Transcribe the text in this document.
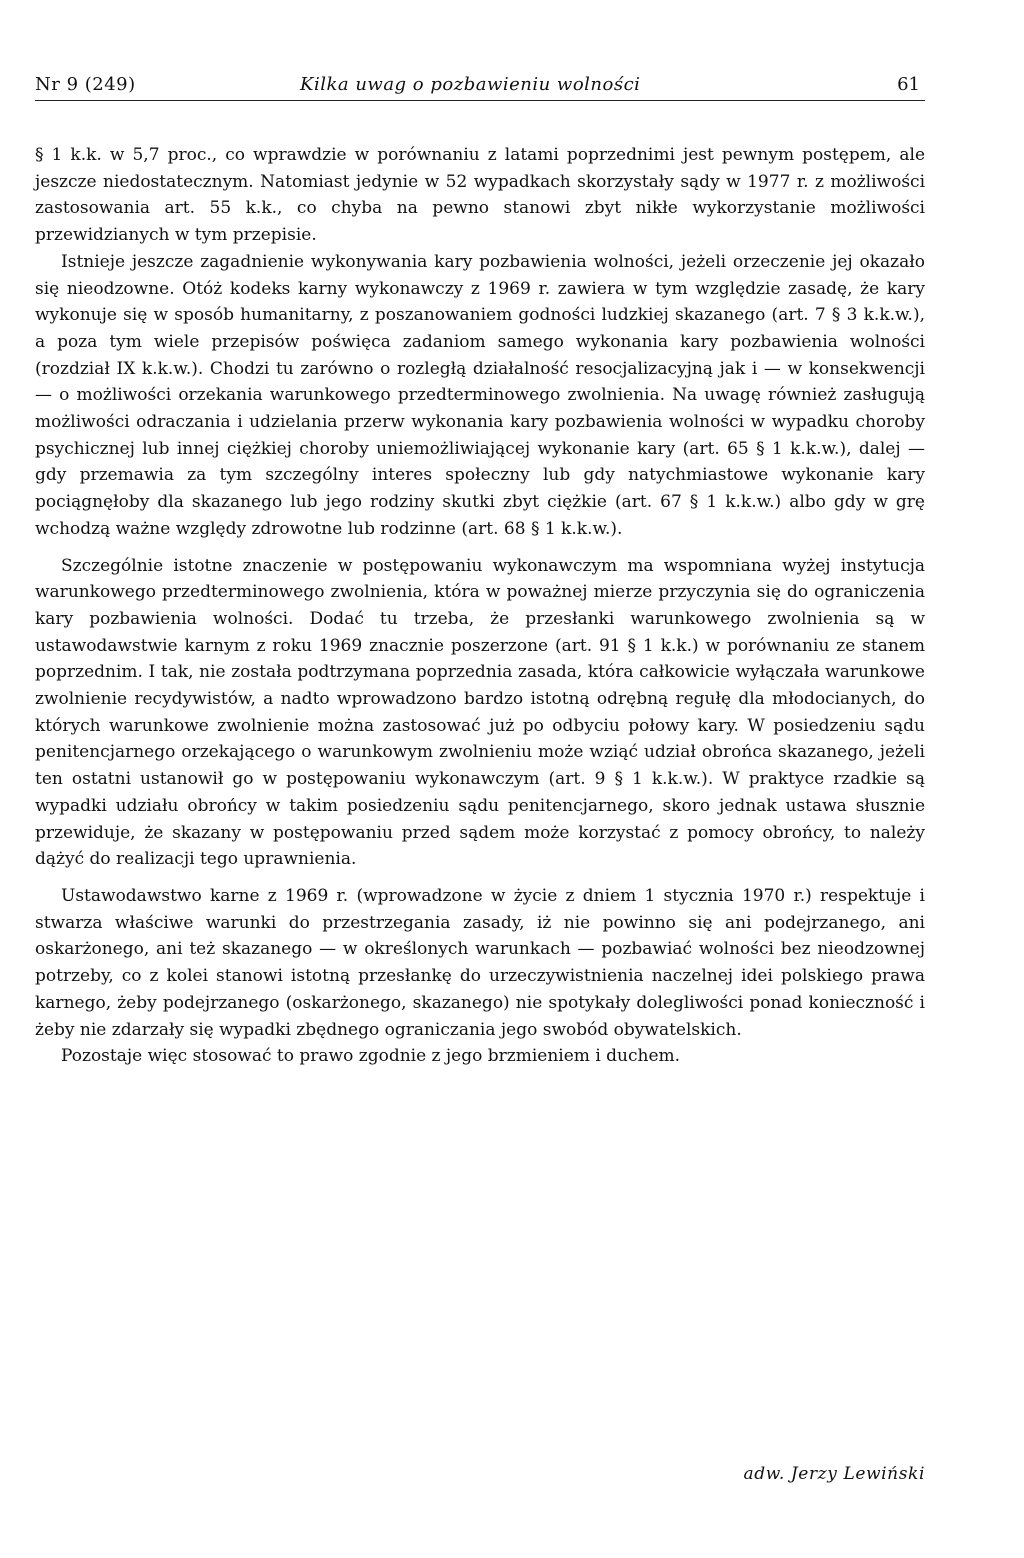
Nr 9 (249)	Kilka uwag o pozbawieniu wolności	61

§ 1 k.k. w 5,7 proc., co wprawdzie w porównaniu z latami poprzednimi jest pewnym postępem, ale jeszcze niedostatecznym. Natomiast jedynie w 52 wypadkach skorzystały sądy w 1977 r. z możliwości zastosowania art. 55 k.k., co chyba na pewno stanowi zbyt nikłe wykorzystanie możliwości przewidzianych w tym przepisie.

Istnieje jeszcze zagadnienie wykonywania kary pozbawienia wolności, jeżeli orzeczenie jej okazało się nieodzowne. Otóż kodeks karny wykonawczy z 1969 r. zawiera w tym względzie zasadę, że kary wykonuje się w sposób humanitarny, z poszanowaniem godności ludzkiej skazanego (art. 7 § 3 k.k.w.), a poza tym wiele przepisów poświęca zadaniom samego wykonania kary pozbawienia wolności (rozdział IX k.k.w.). Chodzi tu zarówno o rozległą działalność resocjalizacyjną jak i — w konsekwencji — o możliwości orzekania warunkowego przedterminowego zwolnienia. Na uwagę również zasługują możliwości odraczania i udzielania przerw wykonania kary pozbawienia wolności w wypadku choroby psychicznej lub innej ciężkiej choroby uniemożliwiającej wykonanie kary (art. 65 § 1 k.k.w.), dalej — gdy przemawia za tym szczególny interes społeczny lub gdy natychmiastowe wykonanie kary pociągnęłoby dla skazanego lub jego rodziny skutki zbyt ciężkie (art. 67 § 1 k.k.w.) albo gdy w grę wchodzą ważne względy zdrowotne lub rodzinne (art. 68 § 1 k.k.w.).

Szczególnie istotne znaczenie w postępowaniu wykonawczym ma wspomniana wyżej instytucja warunkowego przedterminowego zwolnienia, która w poważnej mierze przyczynia się do ograniczenia kary pozbawienia wolności. Dodać tu trzeba, że przesłanki warunkowego zwolnienia są w ustawodawstwie karnym z roku 1969 znacznie poszerzone (art. 91 § 1 k.k.) w porównaniu ze stanem poprzednim. I tak, nie została podtrzymana poprzednia zasada, która całkowicie wyłączała warunkowe zwolnienie recydywistów, a nadto wprowadzono bardzo istotną odrębną regułę dla młodocianych, do których warunkowe zwolnienie można zastosować już po odbyciu połowy kary. W posiedzeniu sądu penitencjarnego orzekającego o warunkowym zwolnieniu może wziąć udział obrońca skazanego, jeżeli ten ostatni ustanowił go w postępowaniu wykonawczym (art. 9 § 1 k.k.w.). W praktyce rzadkie są wypadki udziału obrońcy w takim posiedzeniu sądu penitencjarnego, skoro jednak ustawa słusznie przewiduje, że skazany w postępowaniu przed sądem może korzystać z pomocy obrońcy, to należy dążyć do realizacji tego uprawnienia.

Ustawodawstwo karne z 1969 r. (wprowadzone w życie z dniem 1 stycznia 1970 r.) respektuje i stwarza właściwe warunki do przestrzegania zasady, iż nie powinno się ani podejrzanego, ani oskarżonego, ani też skazanego — w określonych warunkach — pozbawiać wolności bez nieodzownej potrzeby, co z kolei stanowi istotną przesłankę do urzeczywistnienia naczelnej idei polskiego prawa karnego, żeby podejrzanego (oskarżonego, skazanego) nie spotykały dolegliwości ponad konieczność i żeby nie zdarzały się wypadki zbędnego ograniczania jego swobód obywatelskich.

Pozostaje więc stosować to prawo zgodnie z jego brzmieniem i duchem.

adw. Jerzy Lewiński
